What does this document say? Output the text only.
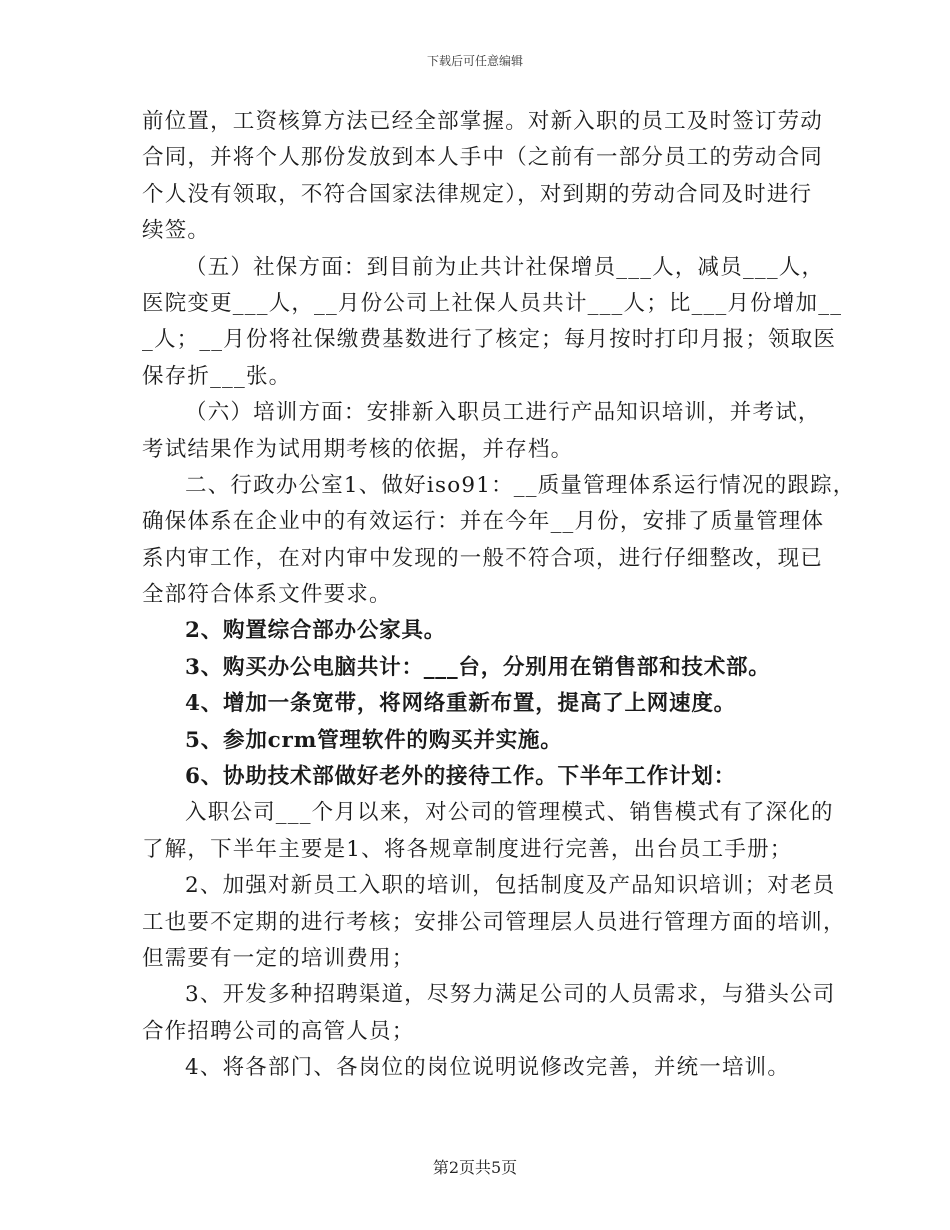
下载后可任意编辑
前位置，工资核算方法已经全部掌握。对新入职的员工及时签订劳动
合同，并将个人那份发放到本人手中（之前有一部分员工的劳动合同
个人没有领取，不符合国家法律规定），对到期的劳动合同及时进行
续签。
（五）社保方面：到目前为止共计社保增员___人，减员___人，
医院变更___人，__月份公司上社保人员共计___人；比___月份增加__
_人；__月份将社保缴费基数进行了核定；每月按时打印月报；领取医
保存折___张。
（六）培训方面：安排新入职员工进行产品知识培训，并考试，
考试结果作为试用期考核的依据，并存档。
二、行政办公室1、做好iso91：__质量管理体系运行情况的跟踪，
确保体系在企业中的有效运行：并在今年__月份，安排了质量管理体
系内审工作，在对内审中发现的一般不符合项，进行仔细整改，现已
全部符合体系文件要求。
2、购置综合部办公家具。
3、购买办公电脑共计：___台，分别用在销售部和技术部。
4、增加一条宽带，将网络重新布置，提高了上网速度。
5、参加crm管理软件的购买并实施。
6、协助技术部做好老外的接待工作。下半年工作计划：
入职公司___个月以来，对公司的管理模式、销售模式有了深化的
了解，下半年主要是1、将各规章制度进行完善，出台员工手册；
2、加强对新员工入职的培训，包括制度及产品知识培训；对老员
工也要不定期的进行考核；安排公司管理层人员进行管理方面的培训，
但需要有一定的培训费用；
3、开发多种招聘渠道，尽努力满足公司的人员需求，与猎头公司
合作招聘公司的高管人员；
4、将各部门、各岗位的岗位说明说修改完善，并统一培训。
第2页共5页
